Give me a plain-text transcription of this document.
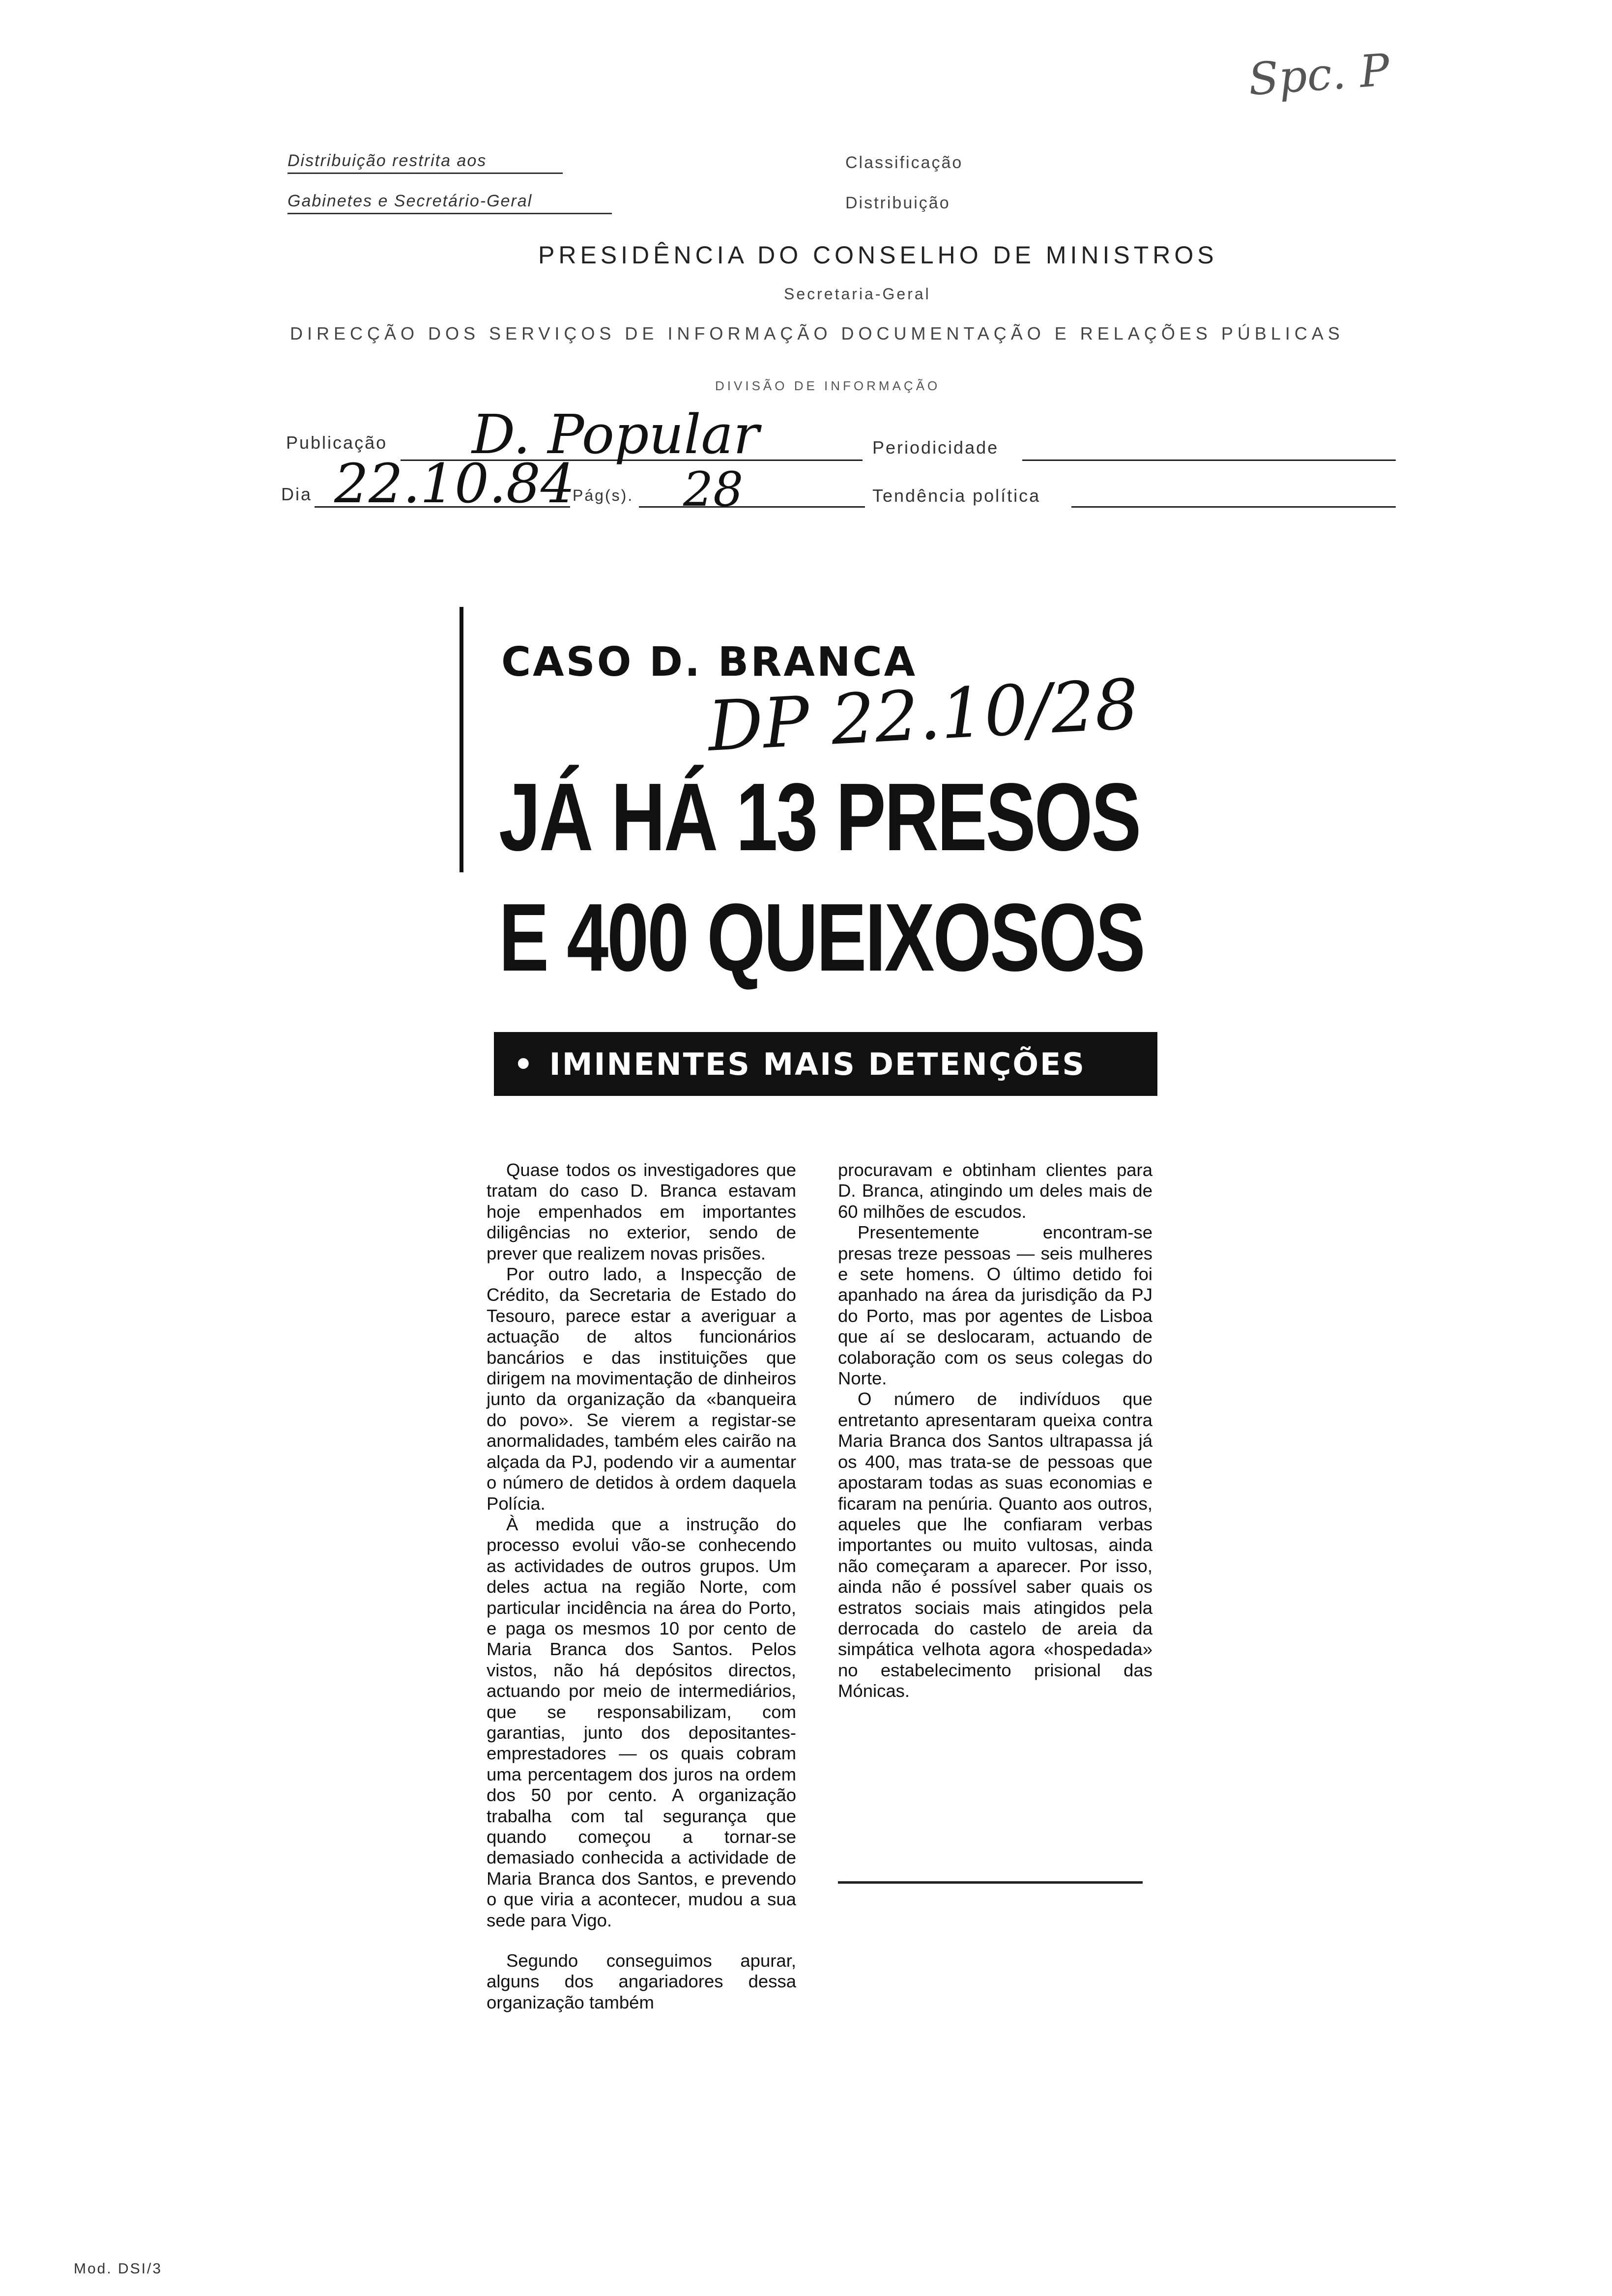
Spc. P
Distribuição restrita aos
Gabinetes e Secretário-Geral
Classificação
Distribuição
PRESIDÊNCIA DO CONSELHO DE MINISTROS
Secretaria-Geral
DIRECÇÃO DOS SERVIÇOS DE INFORMAÇÃO DOCUMENTAÇÃO E RELAÇÕES PÚBLICAS
DIVISÃO DE INFORMAÇÃO
Publicação D. Popular	Periodicidade
Dia 22.10.84
Pág(s). 28	Tendência política
CASO D. BRANCA
DP 22.10/28
JÁ HÁ 13 PRESOS
E 400 QUEIXOSOS
• IMINENTES MAIS DETENÇÕES

Quase todos os investigadores que tratam do caso D. Branca estavam hoje empenhados em importantes diligências no exterior, sendo de prever que realizem novas prisões.

Por outro lado, a Inspecção de Crédito, da Secretaria de Estado do Tesouro, parece estar a averiguar a actuação de altos funcionários bancários e das instituições que dirigem na movimentação de dinheiros junto da organização da «banqueira do povo». Se vierem a registar-se anormalidades, também eles cairão na alçada da PJ, podendo vir a aumentar o número de detidos à ordem daquela Polícia.

À medida que a instrução do processo evolui vão-se conhecendo as actividades de outros grupos. Um deles actua na região Norte, com particular incidência na área do Porto, e paga os mesmos 10 por cento de Maria Branca dos Santos. Pelos vistos, não há depósitos directos, actuando por meio de intermediários, que se responsabilizam, com garantias, junto dos depositantes-emprestadores — os quais cobram uma percentagem dos juros na ordem dos 50 por cento. A organização trabalha com tal segurança que quando começou a tornar-se demasiado conhecida a actividade de Maria Branca dos Santos, e prevendo o que viria a acontecer, mudou a sua sede para Vigo.

Segundo conseguimos apurar, alguns dos angariadores dessa organização também

procuravam e obtinham clientes para D. Branca, atingindo um deles mais de 60 milhões de escudos.

Presentemente encontram-se presas treze pessoas — seis mulheres e sete homens. O último detido foi apanhado na área da jurisdição da PJ do Porto, mas por agentes de Lisboa que aí se deslocaram, actuando de colaboração com os seus colegas do Norte.

O número de indivíduos que entretanto apresentaram queixa contra Maria Branca dos Santos ultrapassa já os 400, mas trata-se de pessoas que apostaram todas as suas economias e ficaram na penúria. Quanto aos outros, aqueles que lhe confiaram verbas importantes ou muito vultosas, ainda não começaram a aparecer. Por isso, ainda não é possível saber quais os estratos sociais mais atingidos pela derrocada do castelo de areia da simpática velhota agora «hospedada» no estabelecimento prisional das Mónicas.

Mod. DSI/3
